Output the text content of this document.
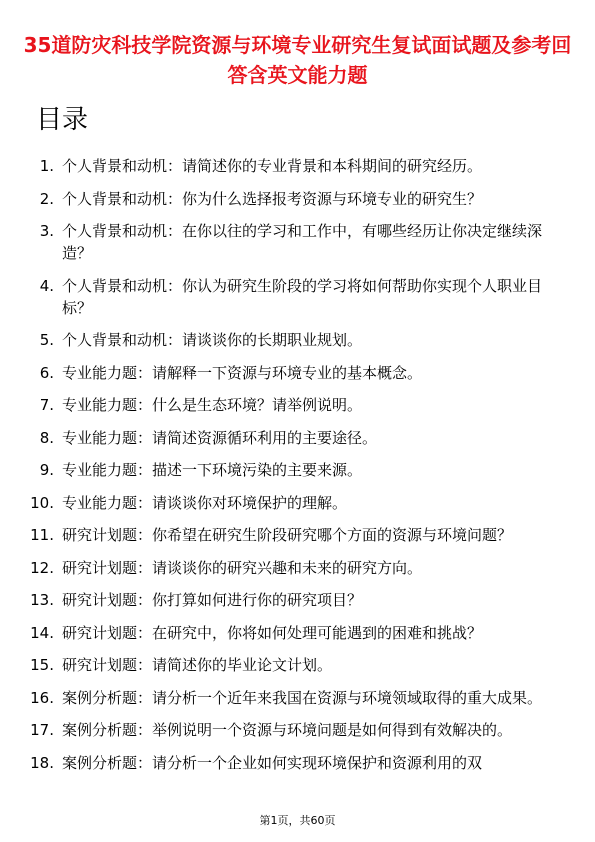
35道防灾科技学院资源与环境专业研究生复试面试题及参考回答含英文能力题
目录
1. 个人背景和动机：请简述你的专业背景和本科期间的研究经历。
2. 个人背景和动机：你为什么选择报考资源与环境专业的研究生？
3. 个人背景和动机：在你以往的学习和工作中，有哪些经历让你决定继续深造？
4. 个人背景和动机：你认为研究生阶段的学习将如何帮助你实现个人职业目标？
5. 个人背景和动机：请谈谈你的长期职业规划。
6. 专业能力题：请解释一下资源与环境专业的基本概念。
7. 专业能力题：什么是生态环境？请举例说明。
8. 专业能力题：请简述资源循环利用的主要途径。
9. 专业能力题：描述一下环境污染的主要来源。
10. 专业能力题：请谈谈你对环境保护的理解。
11. 研究计划题：你希望在研究生阶段研究哪个方面的资源与环境问题？
12. 研究计划题：请谈谈你的研究兴趣和未来的研究方向。
13. 研究计划题：你打算如何进行你的研究项目？
14. 研究计划题：在研究中，你将如何处理可能遇到的困难和挑战？
15. 研究计划题：请简述你的毕业论文计划。
16. 案例分析题：请分析一个近年来我国在资源与环境领域取得的重大成果。
17. 案例分析题：举例说明一个资源与环境问题是如何得到有效解决的。
18. 案例分析题：请分析一个企业如何实现环境保护和资源利用的双
第1页，共60页
